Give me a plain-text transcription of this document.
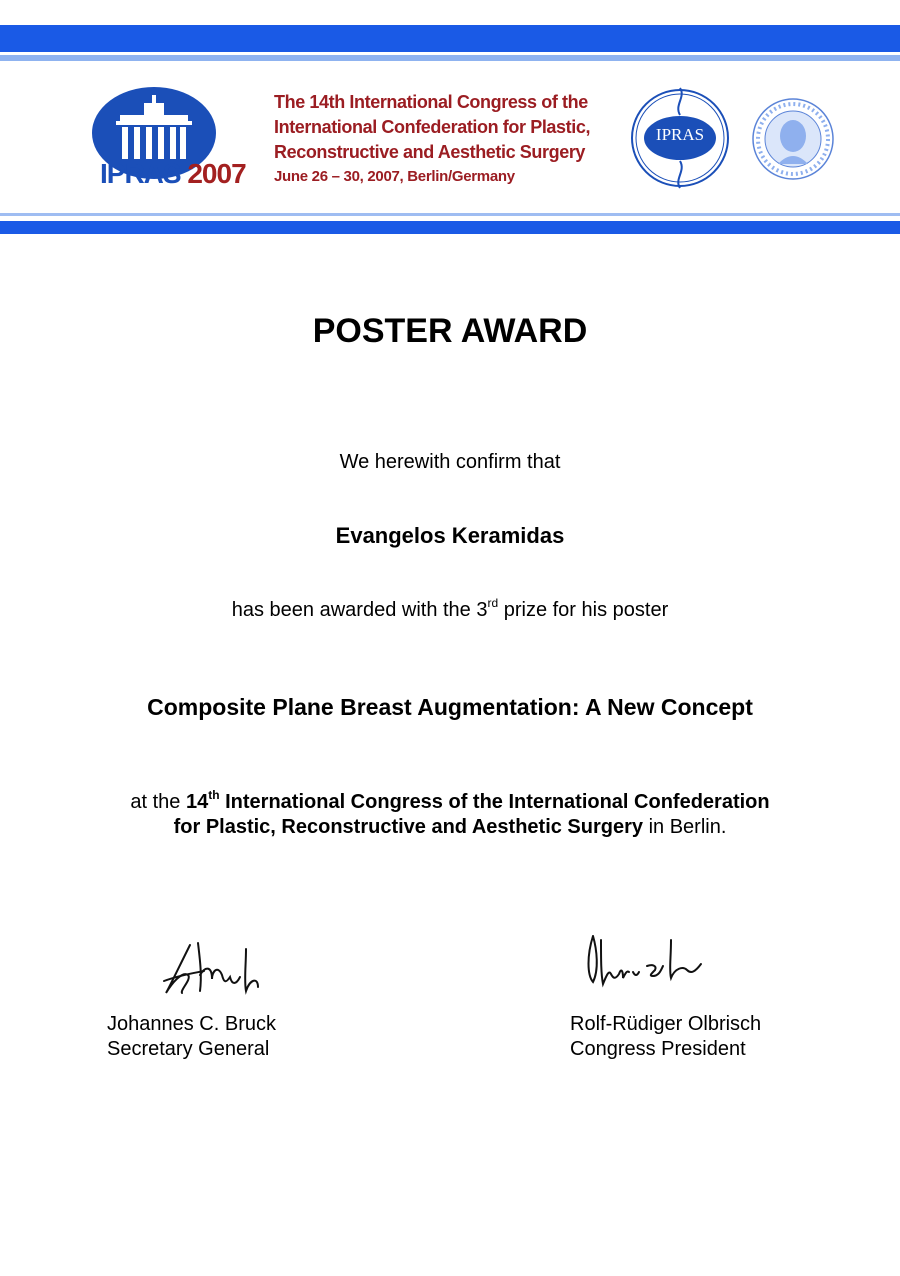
IPRAS 2007
The 14th International Congress of the
International Confederation for Plastic,
Reconstructive and Aesthetic Surgery
June 26 – 30, 2007, Berlin/Germany
IPRAS
POSTER AWARD
We herewith confirm that
Evangelos Keramidas
has been awarded with the 3rd prize for his poster
Composite Plane Breast Augmentation: A New Concept
at the 14th International Congress of the International Confederation
for Plastic, Reconstructive and Aesthetic Surgery in Berlin.
Johannes C. Bruck
Secretary General
Rolf-Rüdiger Olbrisch
Congress President
